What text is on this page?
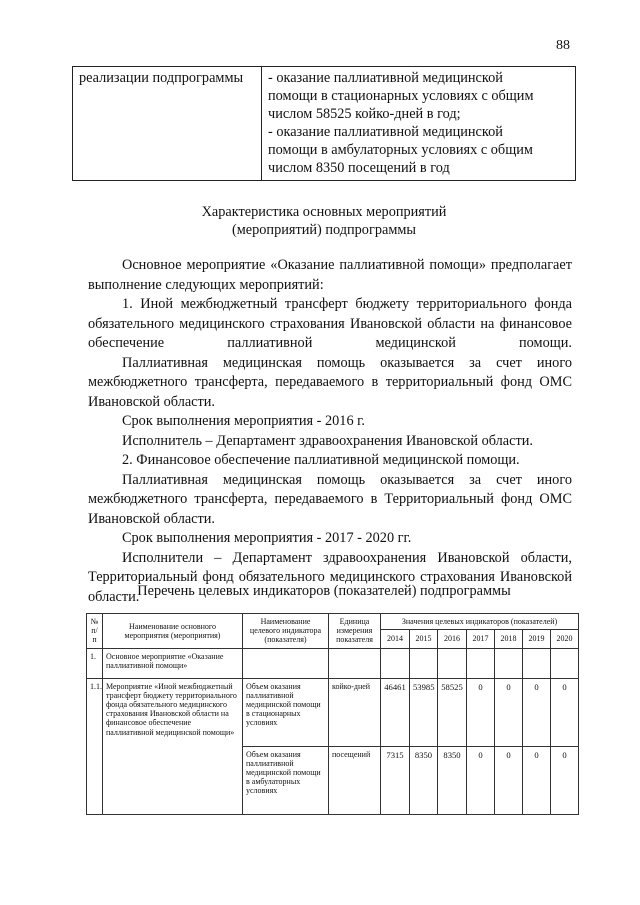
88
реализации подпрограммы	- оказание паллиативной медицинской
помощи в стационарных условиях с общим
числом 58525 койко-дней в год;
- оказание паллиативной медицинской
помощи в амбулаторных условиях с общим
числом 8350 посещений в год
Характеристика основных мероприятий
(мероприятий) подпрограммы

Основное мероприятие «Оказание паллиативной помощи» предполагает выполнение следующих мероприятий:

1. Иной межбюджетный трансферт бюджету территориального фонда обязательного медицинского страхования Ивановской области на финансовое обеспечение паллиативной медицинской помощи.

Паллиативная медицинская помощь оказывается за счет иного межбюджетного трансферта, передаваемого в территориальный фонд ОМС Ивановской области.

Срок выполнения мероприятия - 2016 г.

Исполнитель – Департамент здравоохранения Ивановской области.

2. Финансовое обеспечение паллиативной медицинской помощи.

Паллиативная медицинская помощь оказывается за счет иного межбюджетного трансферта, передаваемого в Территориальный фонд ОМС Ивановской области.

Срок выполнения мероприятия - 2017 - 2020 гг.

Исполнители – Департамент здравоохранения Ивановской области, Территориальный фонд обязательного медицинского страхования Ивановской области.

Перечень целевых индикаторов (показателей) подпрограммы
№ п/п	Наименование основного мероприятия (мероприятия)	Наименование целевого индикатора (показателя)	Единица измерения показателя	Значения целевых индикаторов (показателей)						
				2014	2015	2016	2017	2018	2019	2020
1.	Основное мероприятие «Оказание паллиативной помощи»									
1.1.	Мероприятие «Иной межбюджетный трансферт бюджету территориального фонда обязательного медицинского страхования Ивановской области на финансовое обеспечение паллиативной медицинской помощи»	Объем оказания паллиативной медицинской помощи в стационарных условиях	койко-дней	46461	53985	58525	0	0	0	0
		Объем оказания паллиативной медицинской помощи в амбулаторных условиях	посещений	7315	8350	8350	0	0	0	0
